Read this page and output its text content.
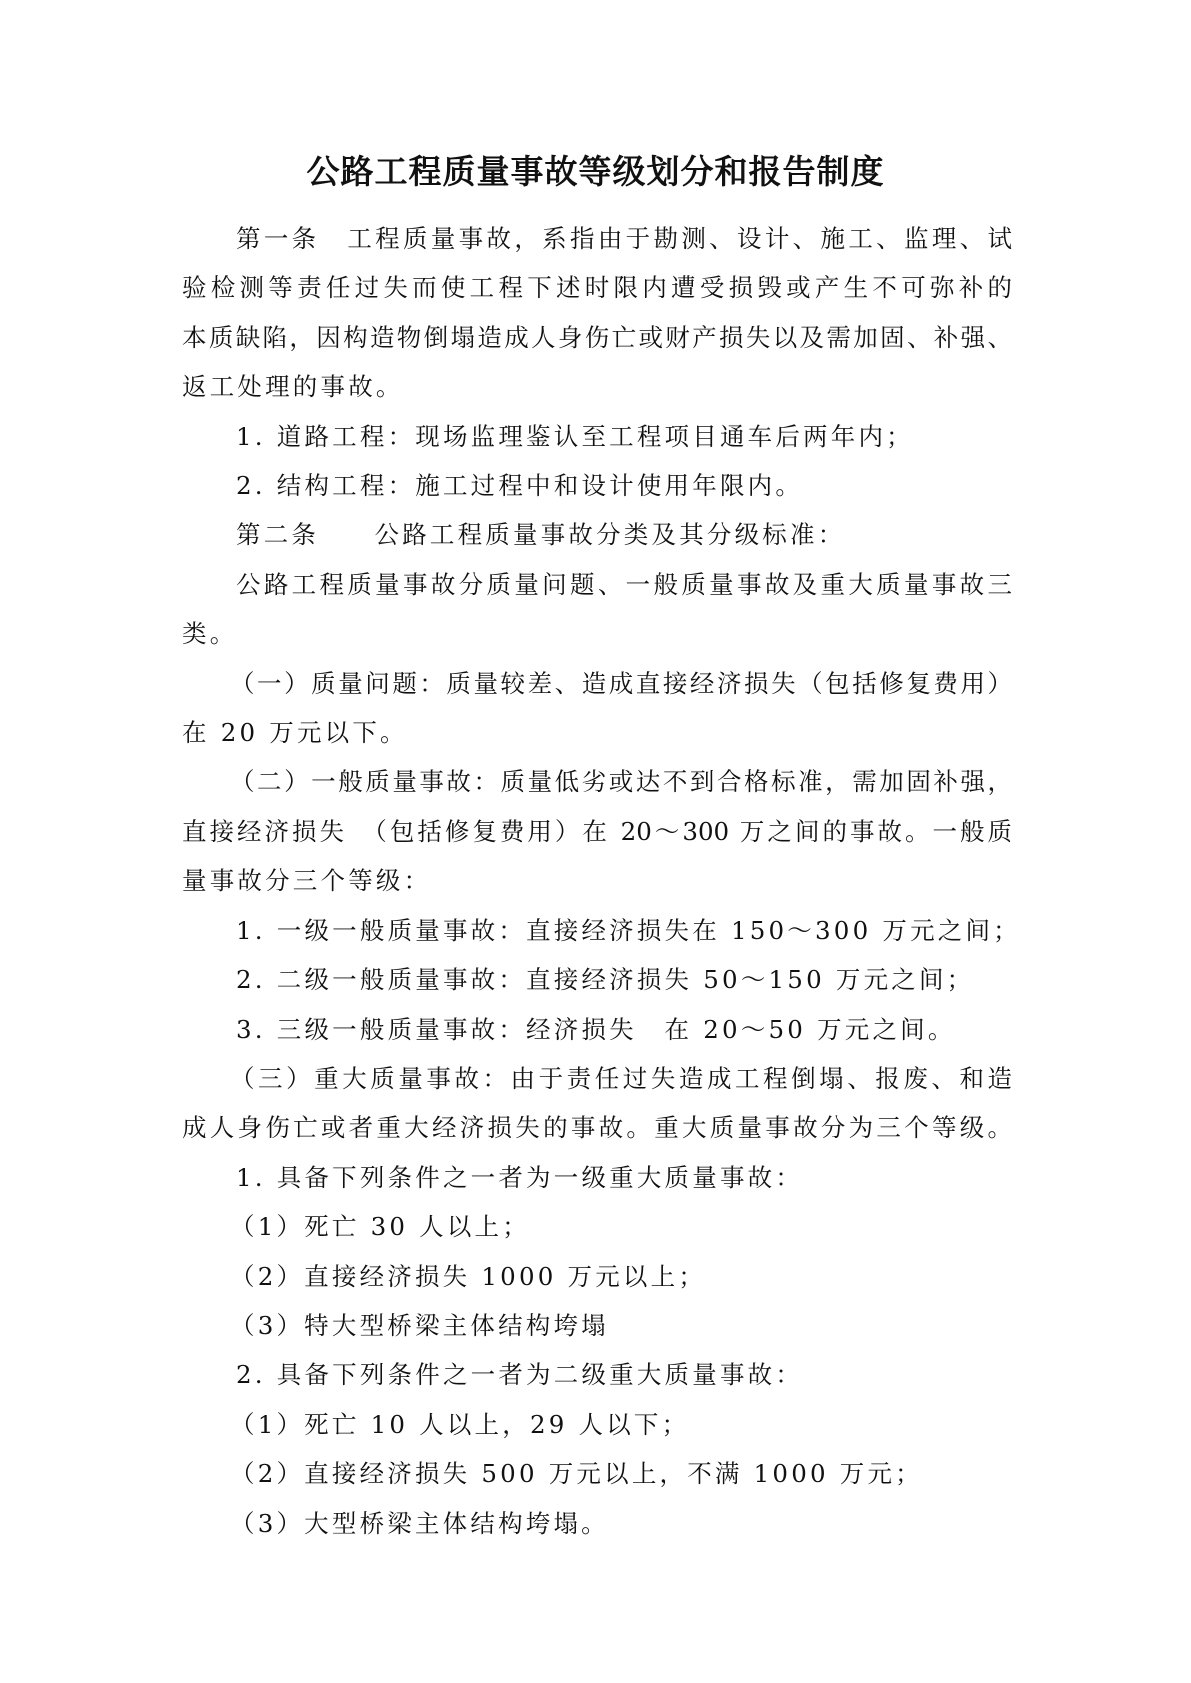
公路工程质量事故等级划分和报告制度

第一条　工程质量事故，系指由于勘测、设计、施工、监理、试

验检测等责任过失而使工程下述时限内遭受损毁或产生不可弥补的

本质缺陷，因构造物倒塌造成人身伤亡或财产损失以及需加固、补强、

返工处理的事故。

1. 道路工程：现场监理鉴认至工程项目通车后两年内；

2. 结构工程：施工过程中和设计使用年限内。

第二条　　公路工程质量事故分类及其分级标准：

公路工程质量事故分质量问题、一般质量事故及重大质量事故三

类。

（一）质量问题：质量较差、造成直接经济损失（包括修复费用）

在 20 万元以下。

（二）一般质量事故：质量低劣或达不到合格标准，需加固补强，

直接经济损失　（包括修复费用）在 20～300 万之间的事故。一般质

量事故分三个等级：

1. 一级一般质量事故：直接经济损失在 150～300 万元之间；

2. 二级一般质量事故：直接经济损失 50～150 万元之间；

3. 三级一般质量事故：经济损失　在 20～50 万元之间。

（三）重大质量事故：由于责任过失造成工程倒塌、报废、和造

成人身伤亡或者重大经济损失的事故。重大质量事故分为三个等级。

1. 具备下列条件之一者为一级重大质量事故：

（1）死亡 30 人以上；

（2）直接经济损失 1000 万元以上；

（3）特大型桥梁主体结构垮塌

2. 具备下列条件之一者为二级重大质量事故：

（1）死亡 10 人以上，29 人以下；

（2）直接经济损失 500 万元以上，不满 1000 万元；

（3）大型桥梁主体结构垮塌。
